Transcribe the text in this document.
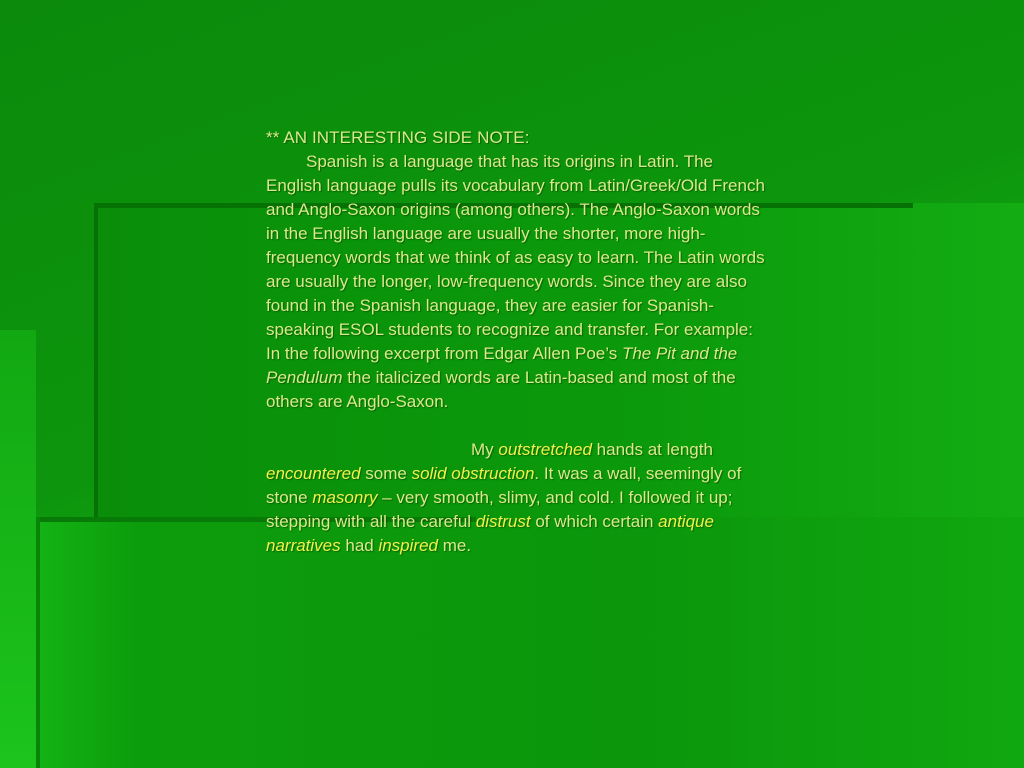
** AN INTERESTING SIDE NOTE:

Spanish is a language that has its origins in Latin. The English language pulls its vocabulary from Latin/Greek/Old French and Anglo-Saxon origins (among others). The Anglo-Saxon words in the English language are usually the shorter, more high-frequency words that we think of as easy to learn. The Latin words are usually the longer, low-frequency words. Since they are also found in the Spanish language, they are easier for Spanish-speaking ESOL students to recognize and transfer. For example: In the following excerpt from Edgar Allen Poe’s The Pit and the Pendulum the italicized words are Latin-based and most of the others are Anglo-Saxon.

My outstretched hands at length encountered some solid obstruction. It was a wall, seemingly of stone masonry – very smooth, slimy, and cold. I followed it up; stepping with all the careful distrust of which certain antique narratives had inspired me.
